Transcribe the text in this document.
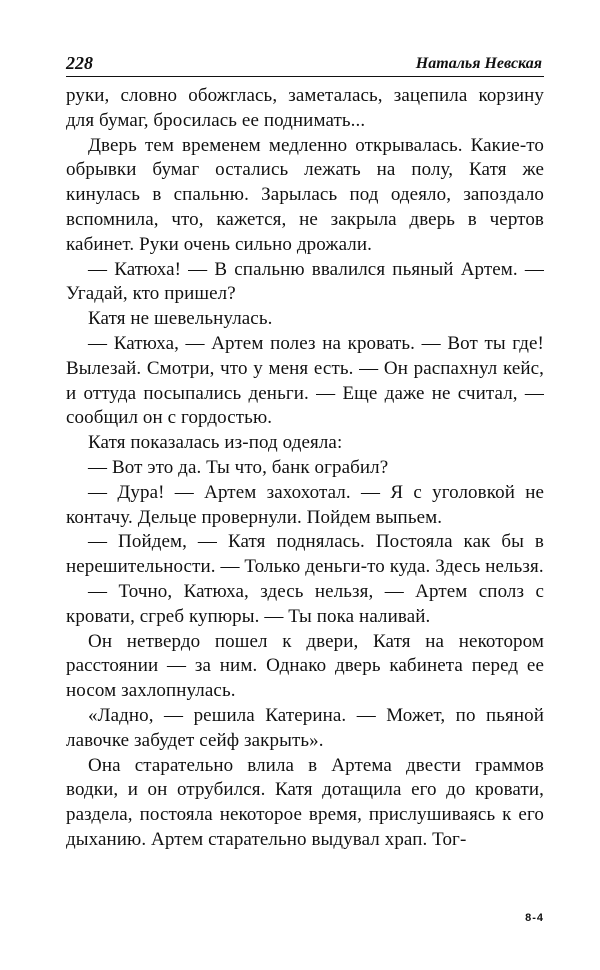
228	Наталья Невская

руки, словно обожглась, заметалась, зацепила корзину для бумаг, бросилась ее поднимать...

Дверь тем временем медленно открывалась. Какие-то обрывки бумаг остались лежать на полу, Катя же кинулась в спальню. Зарылась под одеяло, запоздало вспомнила, что, кажется, не закрыла дверь в чертов кабинет. Руки очень сильно дрожали.

— Катюха! — В спальню ввалился пьяный Артем. — Угадай, кто пришел?

Катя не шевельнулась.

— Катюха, — Артем полез на кровать. — Вот ты где! Вылезай. Смотри, что у меня есть. — Он распахнул кейс, и оттуда посыпались деньги. — Еще даже не считал, — сообщил он с гордостью.

Катя показалась из-под одеяла:

— Вот это да. Ты что, банк ограбил?

— Дура! — Артем захохотал. — Я с уголовкой не контачу. Дельце провернули. Пойдем выпьем.

— Пойдем, — Катя поднялась. Постояла как бы в нерешительности. — Только деньги-то куда. Здесь нельзя.

— Точно, Катюха, здесь нельзя, — Артем сполз с кровати, сгреб купюры. — Ты пока наливай.

Он нетвердо пошел к двери, Катя на некотором расстоянии — за ним. Однако дверь кабинета перед ее носом захлопнулась.

«Ладно, — решила Катерина. — Может, по пьяной лавочке забудет сейф закрыть».

Она старательно влила в Артема двести граммов водки, и он отрубился. Катя дотащила его до кровати, раздела, постояла некоторое время, прислушиваясь к его дыханию. Артем старательно выдувал храп. Тог-

8-4
